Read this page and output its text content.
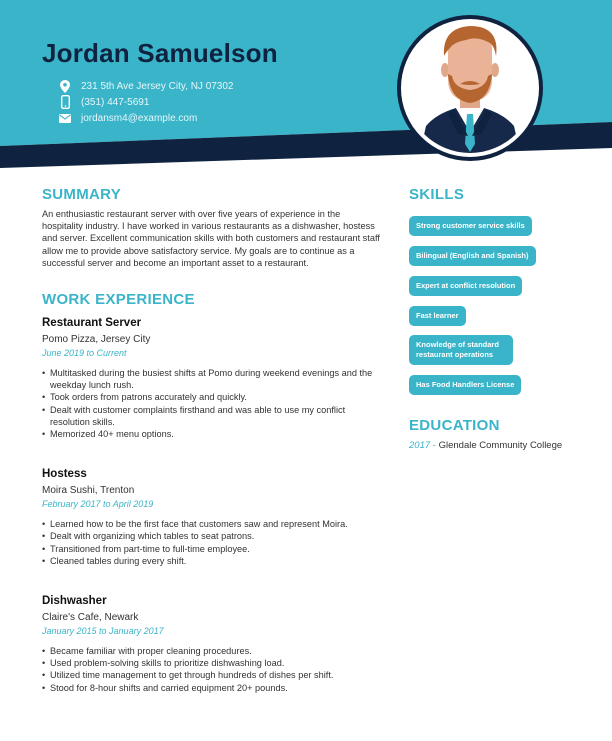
Jordan Samuelson
231 5th Ave Jersey City, NJ 07302
(351) 447-5691
jordansm4@example.com
SUMMARY
An enthusiastic restaurant server with over five years of experience in the hospitality industry. I have worked in various restaurants as a dishwasher, hostess and server. Excellent communication skills with both customers and restaurant staff allow me to provide above satisfactory service. My goals are to continue as a successful server and become an important asset to a restaurant.
WORK EXPERIENCE
Restaurant Server
Pomo Pizza, Jersey City
June 2019 to Current
• Multitasked during the busiest shifts at Pomo during weekend evenings and the weekday lunch rush.
• Took orders from patrons accurately and quickly.
• Dealt with customer complaints firsthand and was able to use my conflict resolution skills.
• Memorized 40+ menu options.
Hostess
Moira Sushi, Trenton
February 2017 to April 2019
• Learned how to be the first face that customers saw and represent Moira.
• Dealt with organizing which tables to seat patrons.
• Transitioned from part-time to full-time employee.
• Cleaned tables during every shift.
Dishwasher
Claire's Cafe, Newark
January 2015 to January 2017
• Became familiar with proper cleaning procedures.
• Used problem-solving skills to prioritize dishwashing load.
• Utilized time management to get through hundreds of dishes per shift.
• Stood for 8-hour shifts and carried equipment 20+ pounds.
SKILLS
Strong customer service skills
Bilingual (English and Spanish)
Expert at conflict resolution
Fast learner
Knowledge of standard restaurant operations
Has Food Handlers License
EDUCATION
2017 - Glendale Community College
